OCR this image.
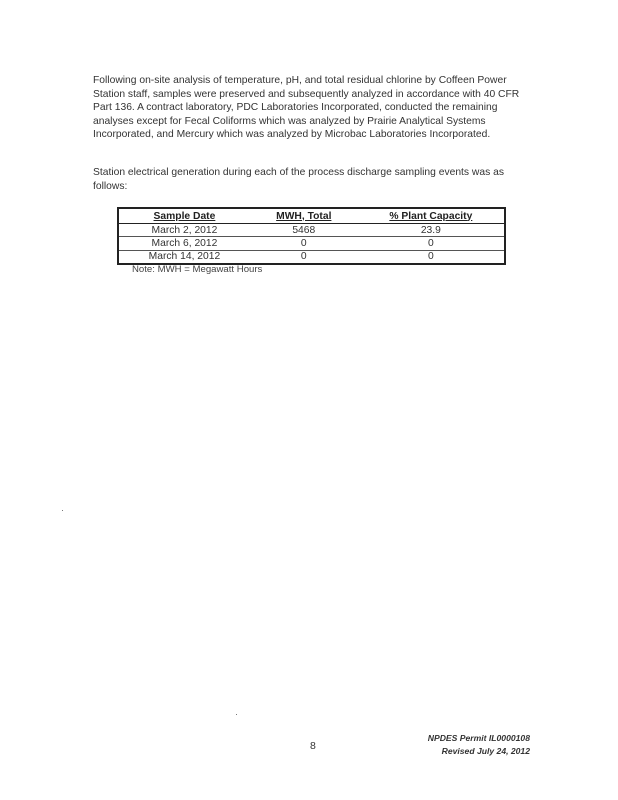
Following on-site analysis of temperature, pH, and total residual chlorine by Coffeen Power Station staff, samples were preserved and subsequently analyzed in accordance with 40 CFR Part 136. A contract laboratory, PDC Laboratories Incorporated, conducted the remaining analyses except for Fecal Coliforms which was analyzed by Prairie Analytical Systems Incorporated, and Mercury which was analyzed by Microbac Laboratories Incorporated.

Station electrical generation during each of the process discharge sampling events was as follows:

Sample Date	MWH, Total	% Plant Capacity
March 2, 2012	5468	23.9
March 6, 2012	0	0
March 14, 2012	0	0
Note: MWH = Megawatt Hours
8
NPDES Permit IL0000108
Revised July 24, 2012
